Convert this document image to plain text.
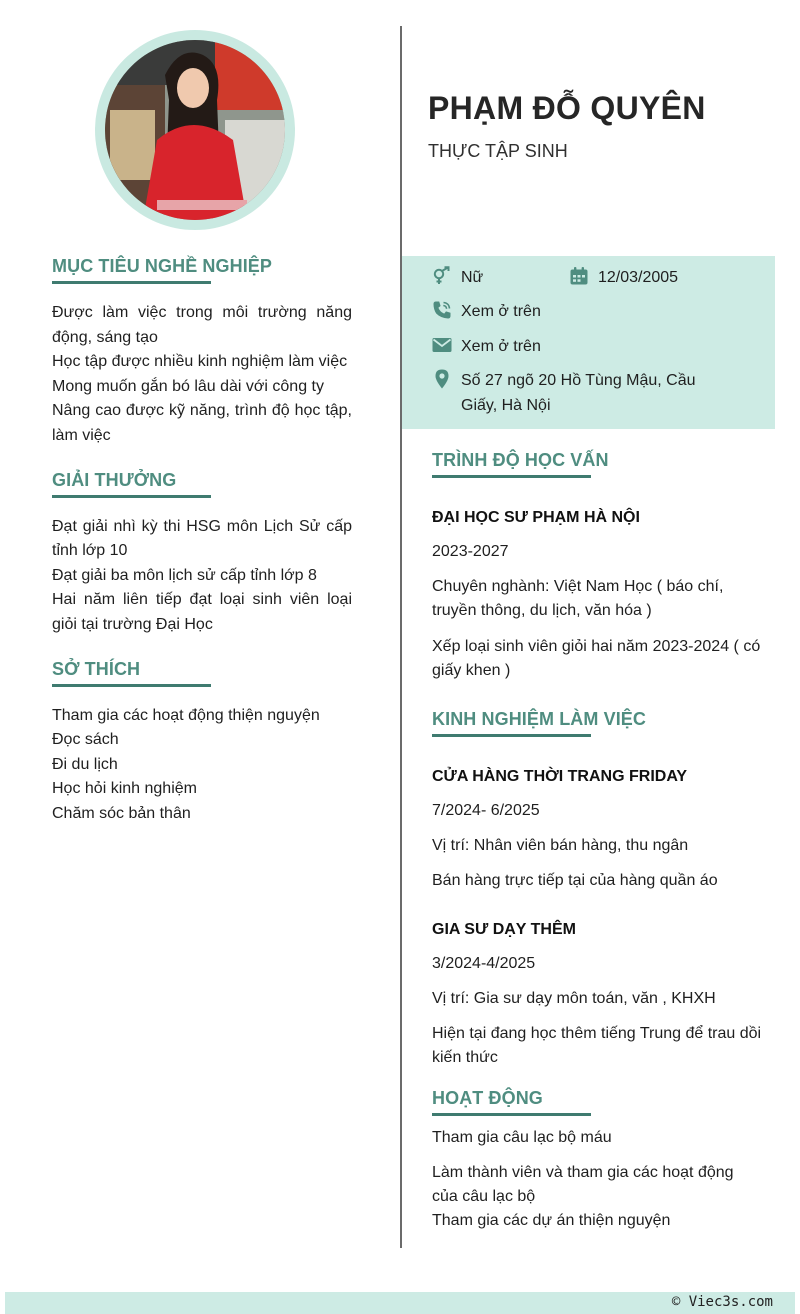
PHẠM ĐỖ QUYÊN
THỰC TẬP SINH
MỤC TIÊU NGHỀ NGHIỆP

Được làm việc trong môi trường năng động, sáng tạo

Học tập được nhiều kinh nghiệm làm việc

Mong muốn gắn bó lâu dài với công ty

Nâng cao được kỹ năng, trình độ học tập, làm việc

GIẢI THƯỞNG

Đạt giải nhì kỳ thi HSG môn Lịch Sử cấp tỉnh lớp 10

Đạt giải ba môn lịch sử cấp tỉnh lớp 8

Hai năm liên tiếp đạt loại sinh viên loại giỏi tại trường Đại Học

SỞ THÍCH

Tham gia các hoạt động thiện nguyện

Đọc sách

Đi du lịch

Học hỏi kinh nghiệm

Chăm sóc bản thân

Nữ	12/03/2005
Xem ở trên
Xem ở trên
Số 27 ngõ 20 Hồ Tùng Mậu, Cầu Giấy, Hà Nội
TRÌNH ĐỘ HỌC VẤN
ĐẠI HỌC SƯ PHẠM HÀ NỘI
2023-2027
Chuyên nghành: Việt Nam Học ( báo chí, truyền thông, du lịch, văn hóa )
Xếp loại sinh viên giỏi hai năm 2023-2024 ( có giấy khen )
KINH NGHIỆM LÀM VIỆC
CỬA HÀNG THỜI TRANG FRIDAY
7/2024- 6/2025
Vị trí: Nhân viên bán hàng, thu ngân
Bán hàng trực tiếp tại của hàng quần áo
GIA SƯ DẠY THÊM
3/2024-4/2025
Vị trí: Gia sư dạy môn toán, văn , KHXH
Hiện tại đang học thêm tiếng Trung để trau dồi kiến thức
HOẠT ĐỘNG
Tham gia câu lạc bộ máu
Làm thành viên và tham gia các hoạt động của câu lạc bộ
Tham gia các dự án thiện nguyện
© Viec3s.com
